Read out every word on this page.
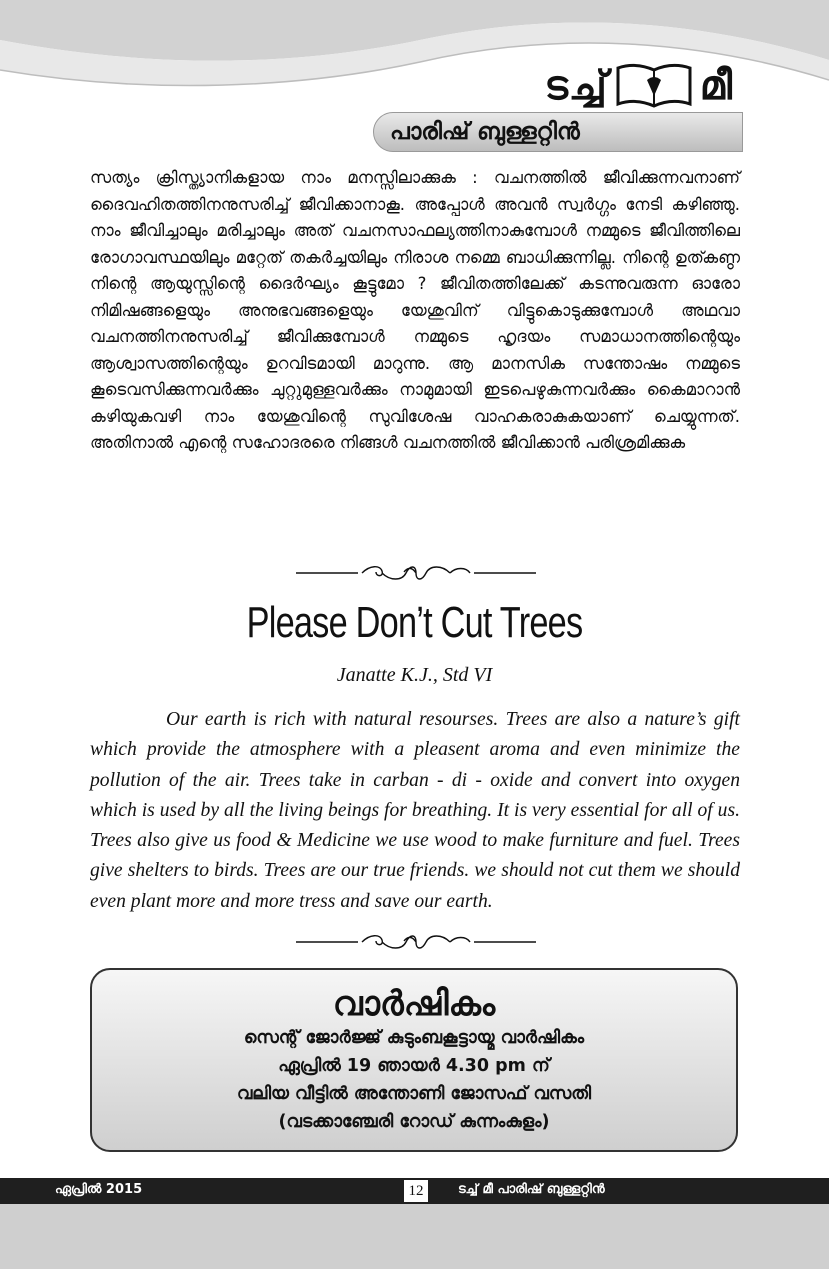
ടച്ച് മീ
പാരിഷ് ബുള്ളറ്റിൻ
സത്യം ക്രിസ്ത്യാനികളായ നാം മനസ്സിലാക്കുക : വചനത്തിൽ ജീവിക്കുന്നവനാണ് ദൈവഹിതത്തിനനുസരിച്ച് ജീവിക്കാനാകൂ. അപ്പോൾ അവൻ സ്വർഗ്ഗം നേടി കഴിഞ്ഞു. നാം ജീവിച്ചാലും മരിച്ചാലും അത് വചനസാഫല്യത്തിനാകുമ്പോൾ നമ്മുടെ ജീവിത്തിലെ രോഗാവസ്ഥയിലും മറ്റേത് തകർച്ചയിലും നിരാശ നമ്മെ ബാധിക്കുന്നില്ല. നിന്റെ ഉത്കണ്ഠ നിന്റെ ആയുസ്സിന്റെ ദൈർഘ്യം കൂട്ടുമോ ? ജീവിതത്തിലേക്ക് കടന്നുവരുന്ന ഓരോ നിമിഷങ്ങളെയും അനുഭവങ്ങളെയും യേശുവിന് വിട്ടുകൊടുക്കുമ്പോൾ അഥവാ വചനത്തിനനുസരിച്ച് ജീവിക്കുമ്പോൾ നമ്മുടെ ഹൃദയം സമാധാനത്തിന്റെയും ആശ്വാസത്തിന്റെയും ഉറവിടമായി മാറുന്നു. ആ മാനസിക സന്തോഷം നമ്മുടെ കൂടെവസിക്കുന്നവർക്കും ചുറ്റുമുള്ളവർക്കും നാമുമായി ഇടപെഴുകുന്നവർക്കും കൈമാറാൻ കഴിയുകവഴി നാം യേശുവിന്റെ സുവിശേഷ വാഹകരാകുകയാണ് ചെയ്യുന്നത്. അതിനാൽ എന്റെ സഹോദരരെ നിങ്ങൾ വചനത്തിൽ ജീവിക്കാൻ പരിശ്രമിക്കുക
Please Don’t Cut Trees
Janatte K.J., Std VI
Our earth is rich with natural resourses. Trees are also a nature’s gift which provide the atmosphere with a pleasent aroma and even minimize the pollution of the air. Trees take in carban - di - oxide and convert into oxygen which is used by all the living beings for breathing. It is very essential for all of us. Trees also give us food & Medicine we use wood to make furniture and fuel. Trees give shelters to birds. Trees are our true friends. we should not cut them we should even plant more and more tress and save our earth.
വാർഷികം
സെന്റ് ജോർജ്ജ് കുടുംബകൂട്ടായ്മ വാർഷികം
ഏപ്രിൽ 19 ഞായർ 4.30 pm ന്
വലിയ വീട്ടിൽ അന്തോണി ജോസഫ് വസതി
(വടക്കാഞ്ചേരി റോഡ് കുന്നംകുളം)
ഏപ്രിൽ 2015	12	ടച്ച് മീ പാരിഷ് ബുള്ളറ്റിൻ
